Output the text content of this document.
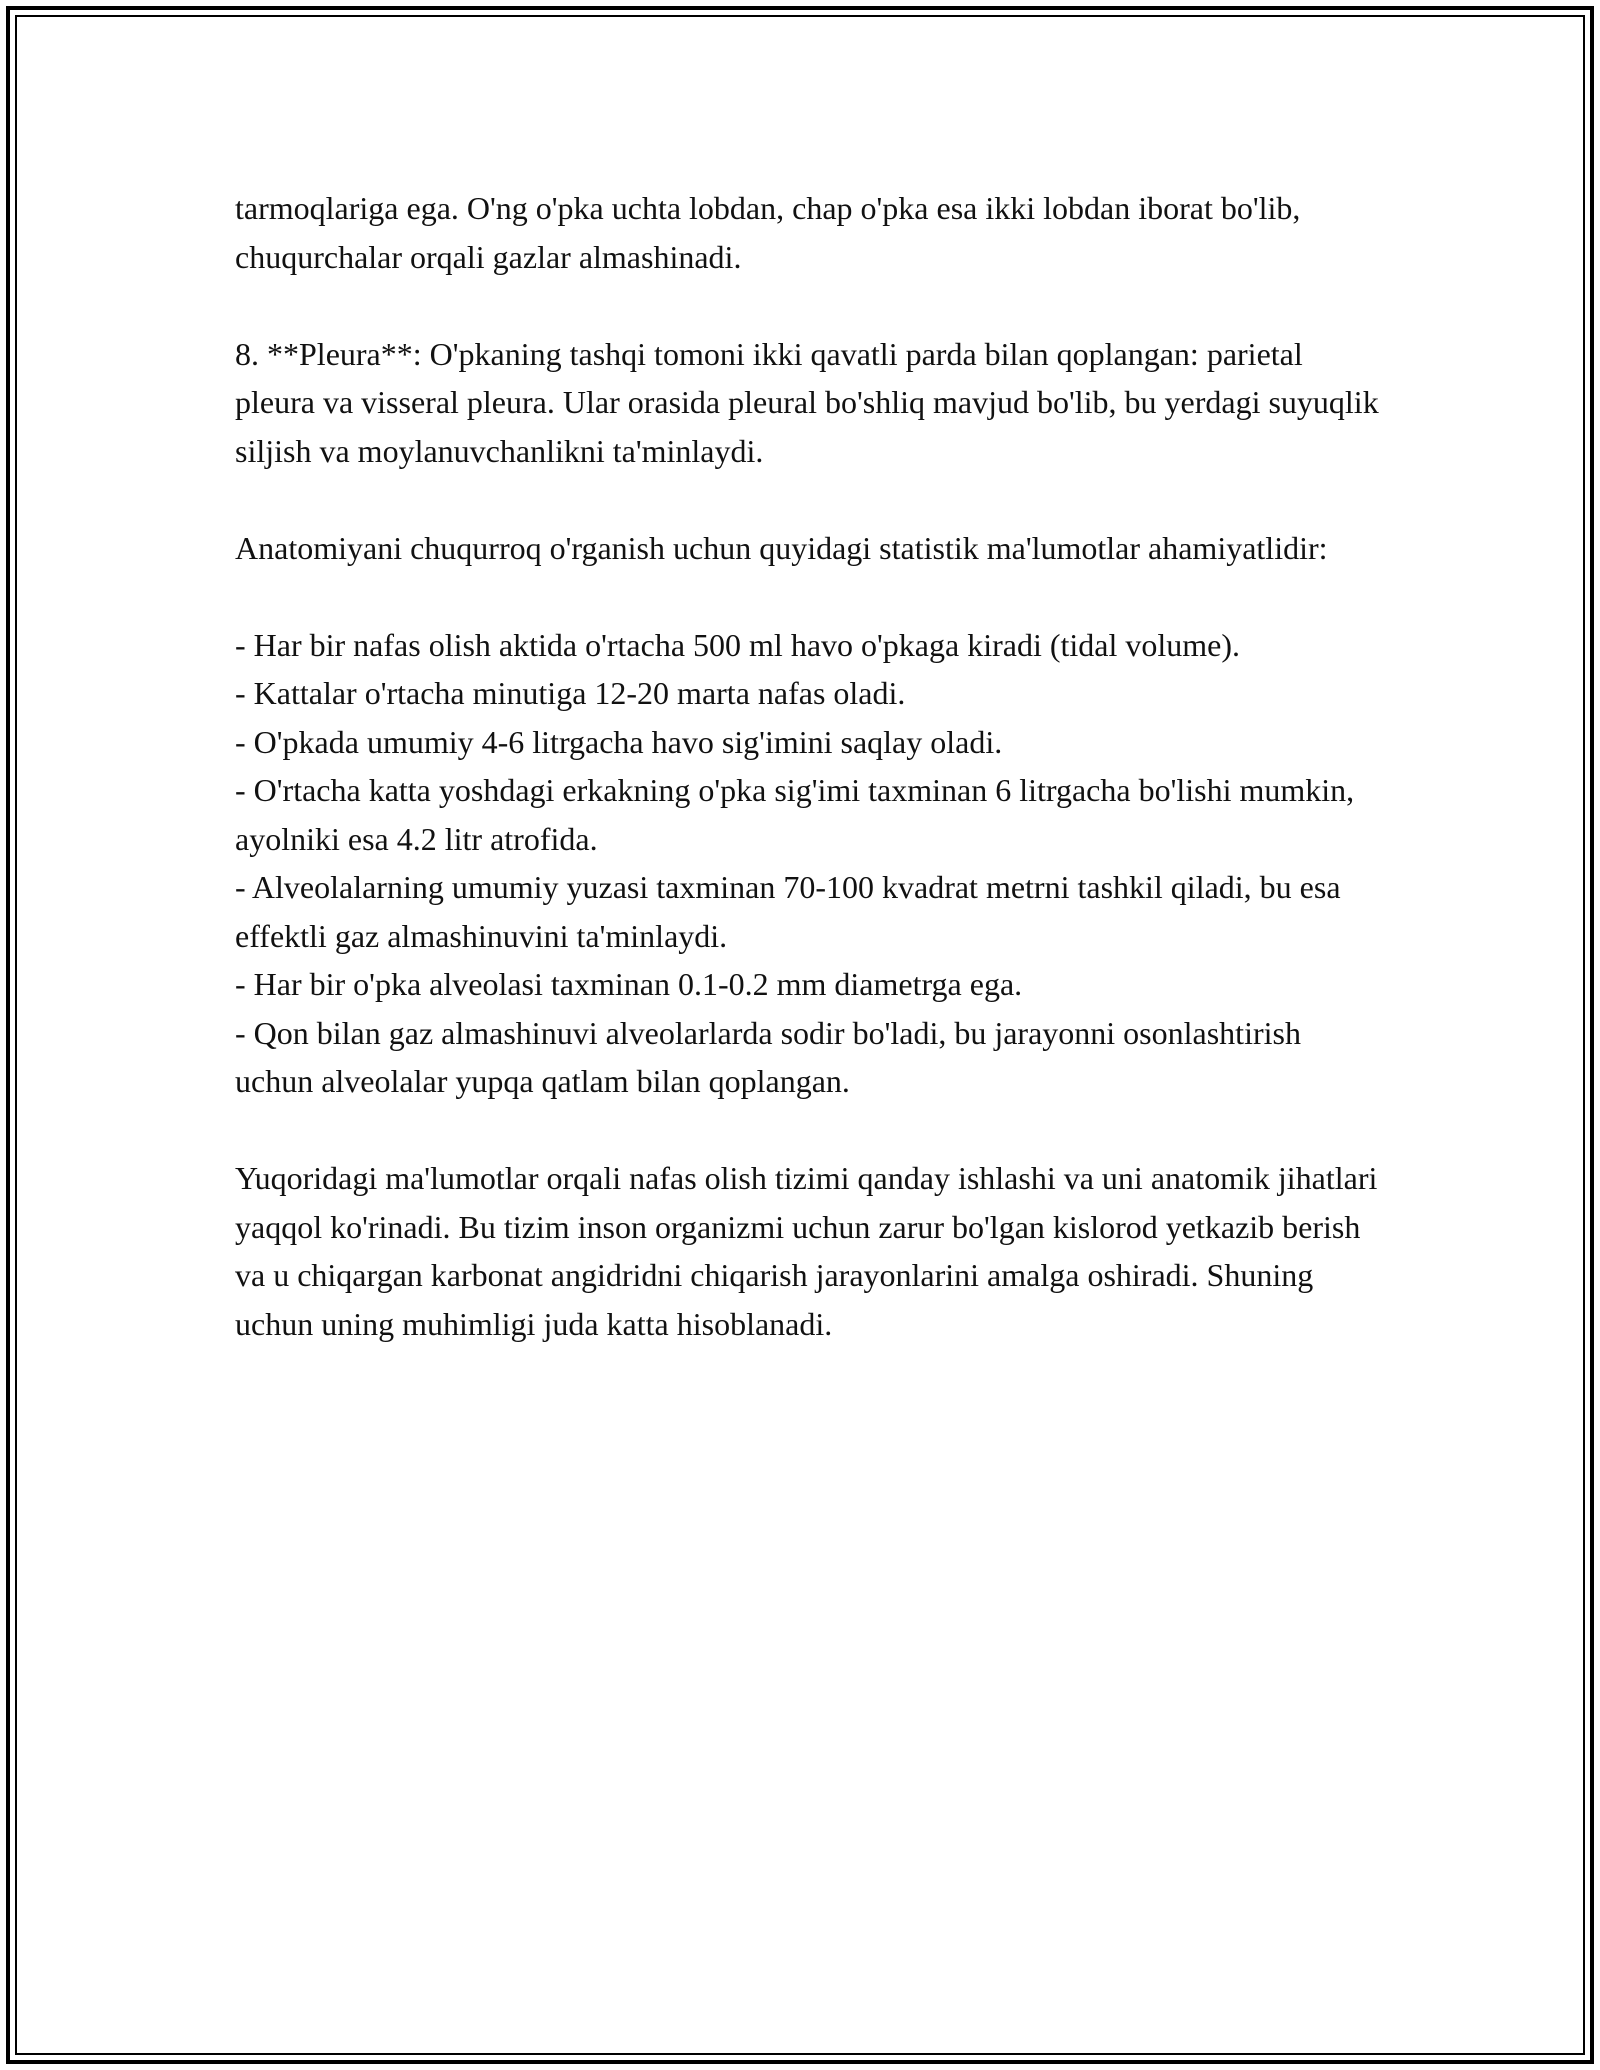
tarmoqlariga ega. O'ng o'pka uchta lobdan, chap o'pka esa ikki lobdan iborat bo'lib, chuqurchalar orqali gazlar almashinadi.

8. **Pleura**: O'pkaning tashqi tomoni ikki qavatli parda bilan qoplangan: parietal pleura va visseral pleura. Ular orasida pleural bo'shliq mavjud bo'lib, bu yerdagi suyuqlik siljish va moylanuvchanlikni ta'minlaydi.

Anatomiyani chuqurroq o'rganish uchun quyidagi statistik ma'lumotlar ahamiyatlidir:

- Har bir nafas olish aktida o'rtacha 500 ml havo o'pkaga kiradi (tidal volume).

- Kattalar o'rtacha minutiga 12-20 marta nafas oladi.

- O'pkada umumiy 4-6 litrgacha havo sig'imini saqlay oladi.

- O'rtacha katta yoshdagi erkakning o'pka sig'imi taxminan 6 litrgacha bo'lishi mumkin, ayolniki esa 4.2 litr atrofida.

- Alveolalarning umumiy yuzasi taxminan 70-100 kvadrat metrni tashkil qiladi, bu esa effektli gaz almashinuvini ta'minlaydi.

- Har bir o'pka alveolasi taxminan 0.1-0.2 mm diametrga ega.

- Qon bilan gaz almashinuvi alveolarlarda sodir bo'ladi, bu jarayonni osonlashtirish uchun alveolalar yupqa qatlam bilan qoplangan.

Yuqoridagi ma'lumotlar orqali nafas olish tizimi qanday ishlashi va uni anatomik jihatlari yaqqol ko'rinadi. Bu tizim inson organizmi uchun zarur bo'lgan kislorod yetkazib berish va u chiqargan karbonat angidridni chiqarish jarayonlarini amalga oshiradi. Shuning uchun uning muhimligi juda katta hisoblanadi.
